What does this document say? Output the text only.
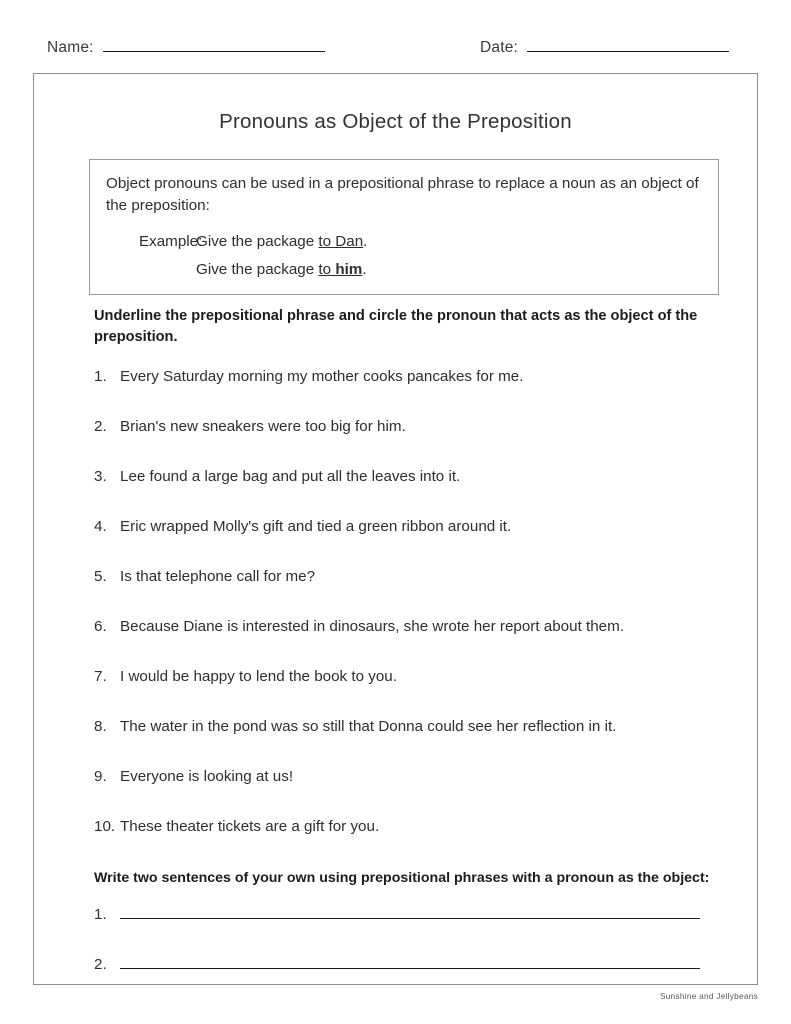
Name:	Date:
Pronouns as Object of the Preposition
Object pronouns can be used in a prepositional phrase to replace a noun as an object of the preposition:
Example:
Give the package to Dan.
Give the package to him.
Underline the prepositional phrase and circle the pronoun that acts as the object of the preposition.
1. Every Saturday morning my mother cooks pancakes for me.
2. Brian's new sneakers were too big for him.
3. Lee found a large bag and put all the leaves into it.
4. Eric wrapped Molly's gift and tied a green ribbon around it.
5. Is that telephone call for me?
6. Because Diane is interested in dinosaurs, she wrote her report about them.
7. I would be happy to lend the book to you.
8. The water in the pond was so still that Donna could see her reflection in it.
9. Everyone is looking at us!
10. These theater tickets are a gift for you.
Write two sentences of your own using prepositional phrases with a pronoun as the object:
1.
2.
Sunshine and Jellybeans
